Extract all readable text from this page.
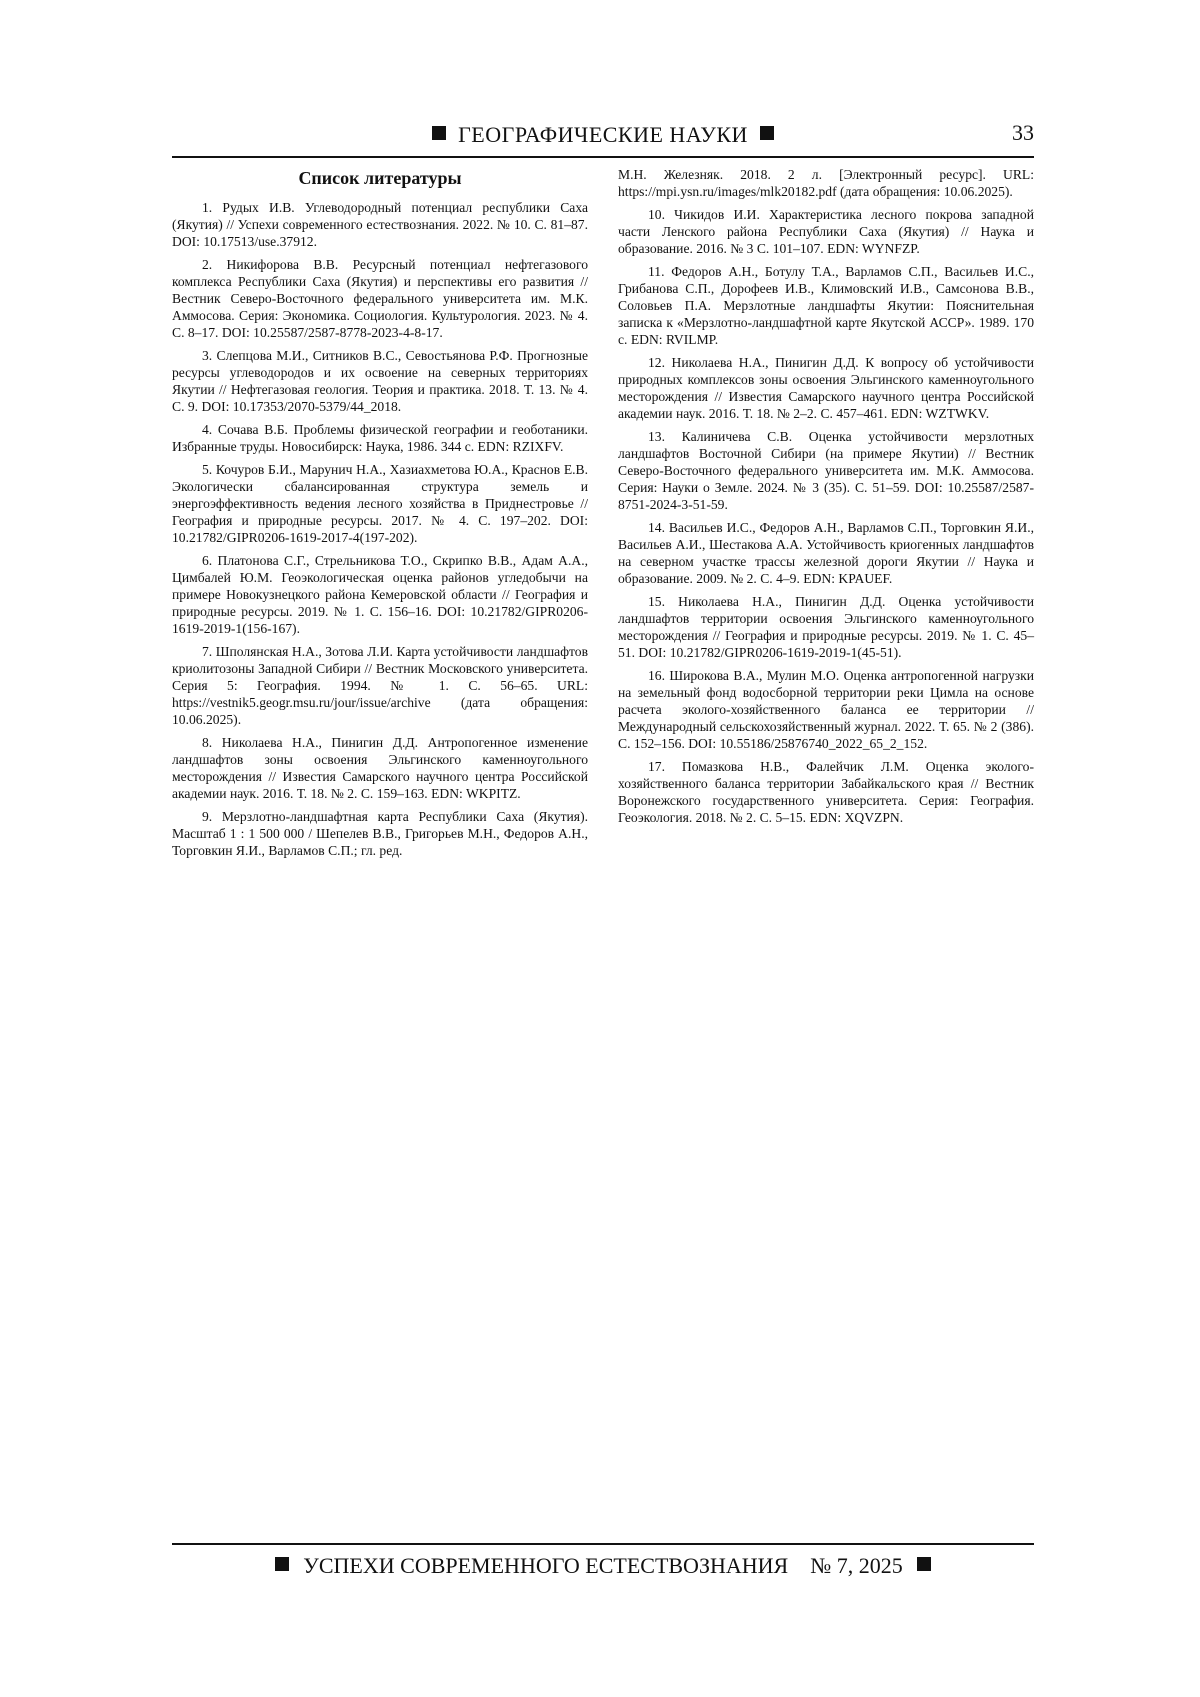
ГЕОГРАФИЧЕСКИЕ НАУКИ	33
Список литературы

1. Рудых И.В. Углеводородный потенциал республики Саха (Якутия) // Успехи современного естествознания. 2022. № 10. С. 81–87. DOI: 10.17513/use.37912.

2. Никифорова В.В. Ресурсный потенциал нефтегазового комплекса Республики Саха (Якутия) и перспективы его развития // Вестник Северо-Восточного федерального университета им. М.К. Аммосова. Серия: Экономика. Социология. Культурология. 2023. № 4. С. 8–17. DOI: 10.25587/2587-8778-2023-4-8-17.

3. Слепцова М.И., Ситников В.С., Севостьянова Р.Ф. Прогнозные ресурсы углеводородов и их освоение на северных территориях Якутии // Нефтегазовая геология. Теория и практика. 2018. Т. 13. № 4. С. 9. DOI: 10.17353/2070-5379/44_2018.

4. Сочава В.Б. Проблемы физической географии и геоботаники. Избранные труды. Новосибирск: Наука, 1986. 344 с. EDN: RZIXFV.

5. Кочуров Б.И., Марунич Н.А., Хазиахметова Ю.А., Краснов Е.В. Экологически сбалансированная структура земель и энергоэффективность ведения лесного хозяйства в Приднестровье // География и природные ресурсы. 2017. № 4. С. 197–202. DOI: 10.21782/GIPR0206-1619-2017-4(197-202).

6. Платонова С.Г., Стрельникова Т.О., Скрипко В.В., Адам А.А., Цимбалей Ю.М. Геоэкологическая оценка районов угледобычи на примере Новокузнецкого района Кемеровской области // География и природные ресурсы. 2019. № 1. С. 156–16. DOI: 10.21782/GIPR0206-1619-2019-1(156-167).

7. Шполянская Н.А., Зотова Л.И. Карта устойчивости ландшафтов криолитозоны Западной Сибири // Вестник Московского университета. Серия 5: География. 1994. № 1. С. 56–65. URL: https://vestnik5.geogr.msu.ru/jour/issue/archive (дата обращения: 10.06.2025).

8. Николаева Н.А., Пинигин Д.Д. Антропогенное изменение ландшафтов зоны освоения Эльгинского каменноугольного месторождения // Известия Самарского научного центра Российской академии наук. 2016. Т. 18. № 2. С. 159–163. EDN: WKPITZ.

9. Мерзлотно-ландшафтная карта Республики Саха (Якутия). Масштаб 1 : 1 500 000 / Шепелев В.В., Григорьев М.Н., Федоров А.Н., Торговкин Я.И., Варламов С.П.; гл. ред.

М.Н. Железняк. 2018. 2 л. [Электронный ресурс]. URL: https://mpi.ysn.ru/images/mlk20182.pdf (дата обращения: 10.06.2025).

10. Чикидов И.И. Характеристика лесного покрова западной части Ленского района Республики Саха (Якутия) // Наука и образование. 2016. № 3 С. 101–107. EDN: WYNFZP.

11. Федоров А.Н., Ботулу Т.А., Варламов С.П., Васильев И.С., Грибанова С.П., Дорофеев И.В., Климовский И.В., Самсонова В.В., Соловьев П.А. Мерзлотные ландшафты Якутии: Пояснительная записка к «Мерзлотно-ландшафтной карте Якутской АССР». 1989. 170 с. EDN: RVILMP.

12. Николаева Н.А., Пинигин Д.Д. К вопросу об устойчивости природных комплексов зоны освоения Эльгинского каменноугольного месторождения // Известия Самарского научного центра Российской академии наук. 2016. Т. 18. № 2–2. С. 457–461. EDN: WZTWKV.

13. Калиничева С.В. Оценка устойчивости мерзлотных ландшафтов Восточной Сибири (на примере Якутии) // Вестник Северо-Восточного федерального университета им. М.К. Аммосова. Серия: Науки о Земле. 2024. № 3 (35). С. 51–59. DOI: 10.25587/2587-8751-2024-3-51-59.

14. Васильев И.С., Федоров А.Н., Варламов С.П., Торговкин Я.И., Васильев А.И., Шестакова А.А. Устойчивость криогенных ландшафтов на северном участке трассы железной дороги Якутии // Наука и образование. 2009. № 2. С. 4–9. EDN: KPAUEF.

15. Николаева Н.А., Пинигин Д.Д. Оценка устойчивости ландшафтов территории освоения Эльгинского каменноугольного месторождения // География и природные ресурсы. 2019. № 1. С. 45–51. DOI: 10.21782/GIPR0206-1619-2019-1(45-51).

16. Широкова В.А., Мулин М.О. Оценка антропогенной нагрузки на земельный фонд водосборной территории реки Цимла на основе расчета эколого-хозяйственного баланса ее территории // Международный сельскохозяйственный журнал. 2022. Т. 65. № 2 (386). С. 152–156. DOI: 10.55186/25876740_2022_65_2_152.

17. Помазкова Н.В., Фалейчик Л.М. Оценка эколого-хозяйственного баланса территории Забайкальского края // Вестник Воронежского государственного университета. Серия: География. Геоэкология. 2018. № 2. С. 5–15. EDN: XQVZPN.

УСПЕХИ СОВРЕМЕННОГО ЕСТЕСТВОЗНАНИЯ № 7, 2025
